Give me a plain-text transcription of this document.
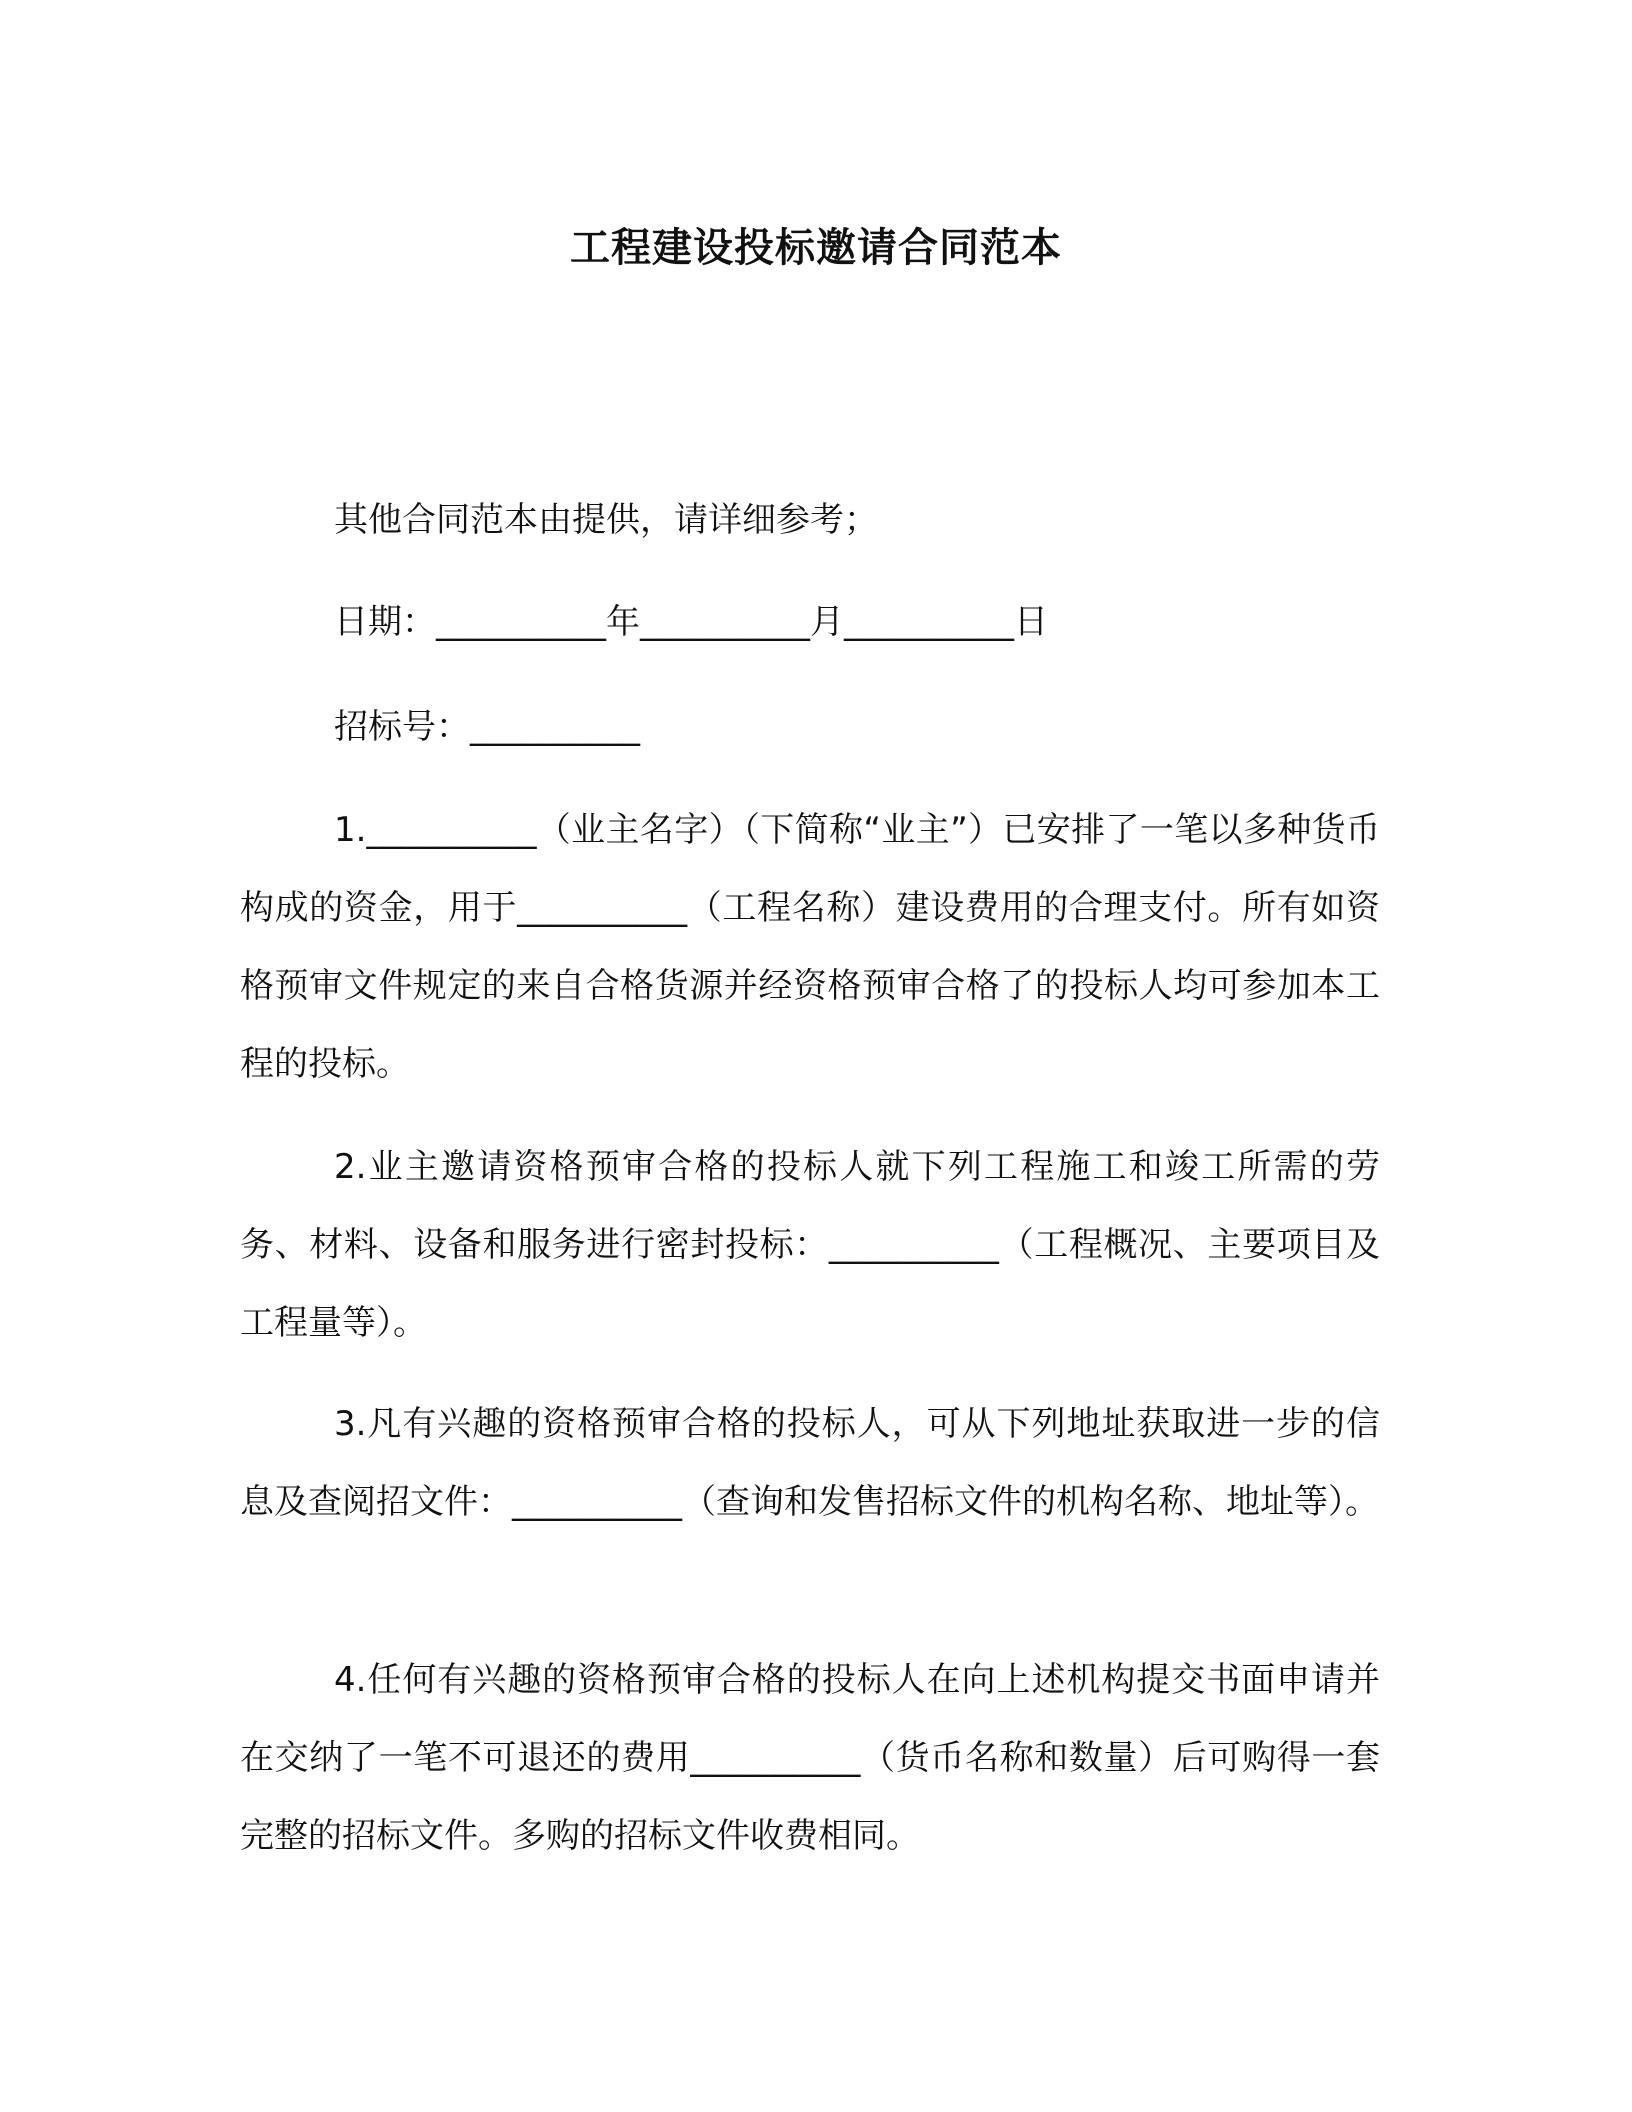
工程建设投标邀请合同范本

其他合同范本由提供，请详细参考；

日期：__________年__________月__________日

招标号：__________

1.__________（业主名字）（下简称“业主”）已安排了一笔以多种货币构成的资金，用于__________（工程名称）建设费用的合理支付。所有如资格预审文件规定的来自合格货源并经资格预审合格了的投标人均可参加本工程的投标。

2.业主邀请资格预审合格的投标人就下列工程施工和竣工所需的劳务、材料、设备和服务进行密封投标：__________（工程概况、主要项目及工程量等）。

3.凡有兴趣的资格预审合格的投标人，可从下列地址获取进一步的信息及查阅招文件：__________（查询和发售招标文件的机构名称、地址等）。

4.任何有兴趣的资格预审合格的投标人在向上述机构提交书面申请并在交纳了一笔不可退还的费用__________（货币名称和数量）后可购得一套完整的招标文件。多购的招标文件收费相同。
